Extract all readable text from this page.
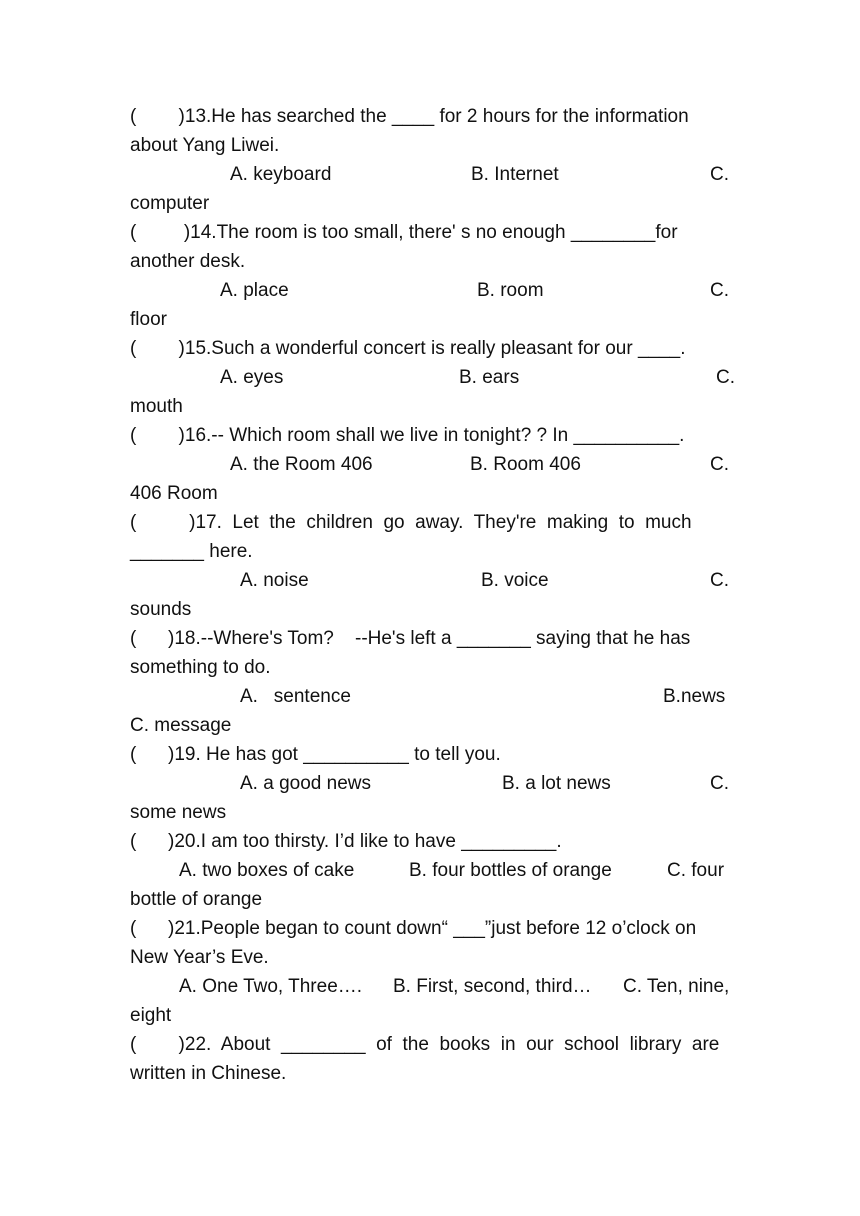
(        )13.He has searched the ____ for 2 hours for the information
about Yang Liwei.

A. keyboard

	B. Internet

	C.

computer
(         )14.The room is too small, there' s no enough ________for
another desk.

A. place

	B. room

	C.

floor
(        )15.Such a wonderful concert is really pleasant for our ____.

A. eyes

	B. ears

	C.

mouth
(        )16.-- Which room shall we live in tonight? ? In __________.

A. the Room 406

	B. Room 406

	C.

406 Room
(          )17.  Let  the  children  go  away.  They're  making  to  much
_______ here.

A. noise

	B. voice

	C.

sounds
(      )18.--Where's Tom?    --He's left a _______ saying that he has
something to do.

A.   sentence

	B.news

C. message
(      )19. He has got __________ to tell you.

A. a good news

	B. a lot news

	C.

some news
(      )20.I am too thirsty. I’d like to have _________.

A. two boxes of cake

	B. four bottles of orange

	C. four

bottle of orange
(      )21.People began to count down“ ___”just before 12 o’clock on
New Year’s Eve.

A. One Two, Three….

B. First, second, third…

C. Ten, nine,

eight
(        )22.  About  ________  of  the  books  in  our  school  library  are
written in Chinese.
